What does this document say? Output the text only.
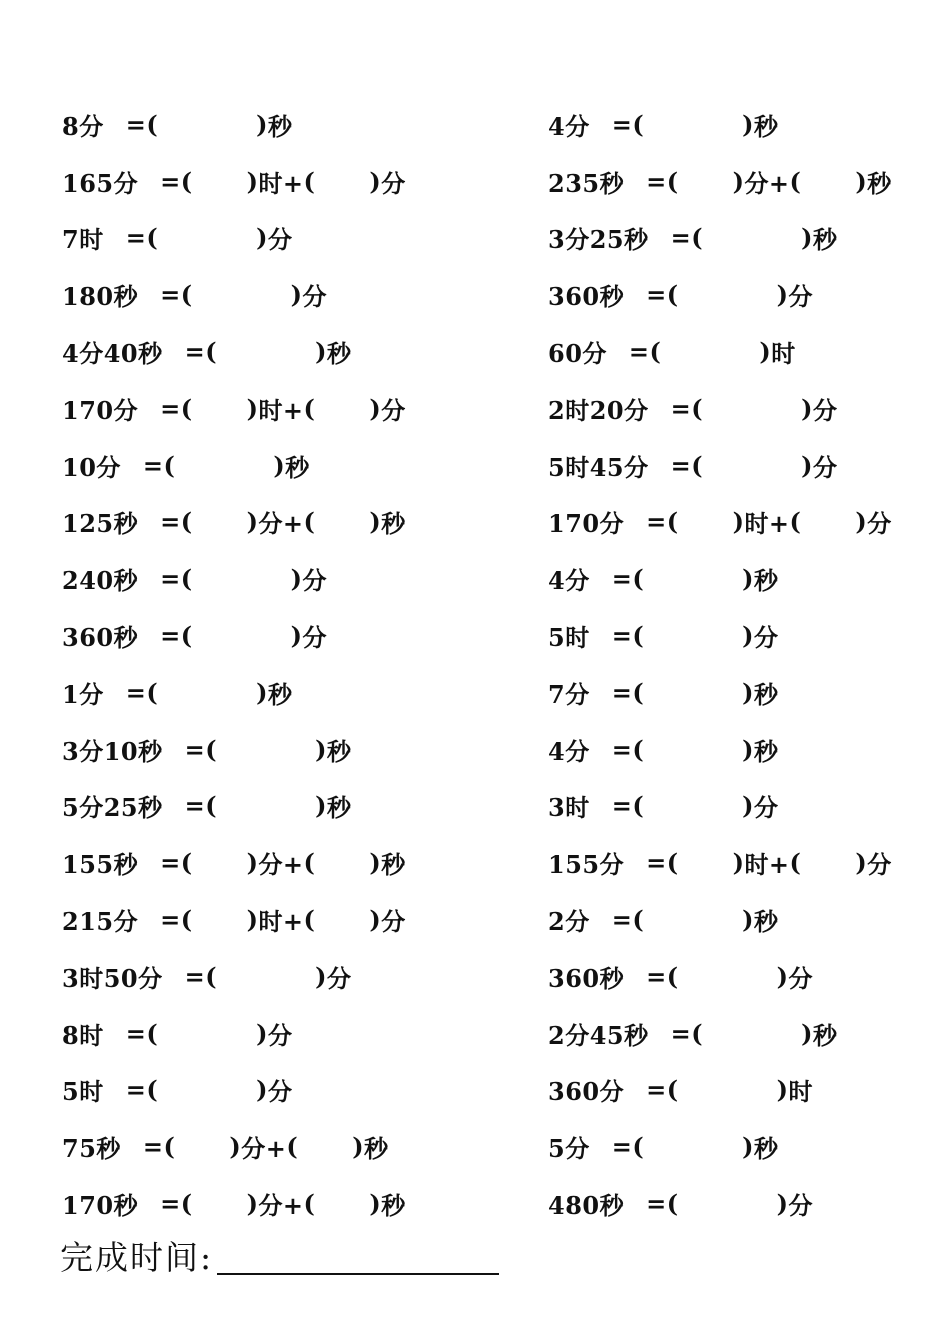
8分 =(	) 秒
165分 =( ) 时+ ( ) 分
7时 =(	) 分
180秒 =(	) 分
4分40秒 =(	) 秒
170分 =( ) 时+ ( ) 分
10分 =(	) 秒
125秒 =( ) 分+ ( ) 秒
240秒 =(	) 分
360秒 =(	) 分
1分 =(	) 秒
3分10秒 =(	) 秒
5分25秒 =(	) 秒
155秒 =( ) 分+ ( ) 秒
215分 =( ) 时+ ( ) 分
3时50分 =(	) 分
8时 =(	) 分
5时 =(	) 分
75秒 =( ) 分+ ( ) 秒
170秒 =( ) 分+ ( ) 秒
4分 =(	) 秒
235秒 =( ) 分+ ( ) 秒
3分25秒 =(	) 秒
360秒 =(	) 分
60分 =(	) 时
2时20分 =(	) 分
5时45分 =(	) 分
170分 =( ) 时+ ( ) 分
4分 =(	) 秒
5时 =(	) 分
7分 =(	) 秒
4分 =(	) 秒
3时 =(	) 分
155分 =( ) 时+ ( ) 分
2分 =(	) 秒
360秒 =(	) 分
2分45秒 =(	) 秒
360分 =(	) 时
5分 =(	) 秒
480秒 =(	) 分
完成时间:
